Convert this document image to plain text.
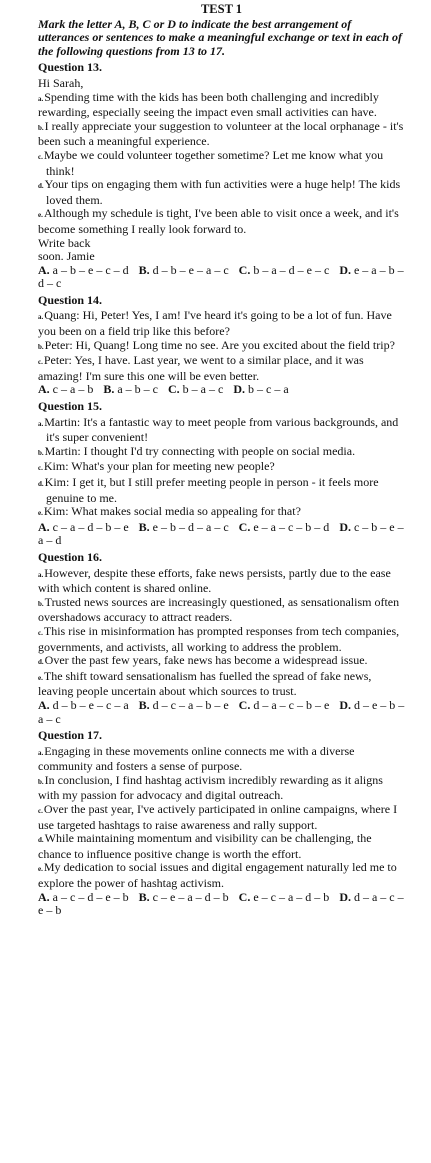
TEST 1
Mark the letter A, B, C or D to indicate the best arrangement of utterances or sentences to make a meaningful exchange or text in each of the following questions from 13 to 17.
Question 13.
Hi Sarah,
a.Spending time with the kids has been both challenging and incredibly rewarding, especially seeing the impact even small activities can have.
b.I really appreciate your suggestion to volunteer at the local orphanage - it's been such a meaningful experience.
c.Maybe we could volunteer together sometime? Let me know what you think!
d.Your tips on engaging them with fun activities were a huge help! The kids loved them.
e.Although my schedule is tight, I've been able to visit once a week, and it's become something I really look forward to.
Write back
soon. Jamie
A. a – b – e – c – d B. d – b – e – a – c C. b – a – d – e – c D. e – a – b – d – c
Question 14.
a.Quang: Hi, Peter! Yes, I am! I've heard it's going to be a lot of fun. Have you been on a field trip like this before?
b.Peter: Hi, Quang! Long time no see. Are you excited about the field trip?
c.Peter: Yes, I have. Last year, we went to a similar place, and it was amazing! I'm sure this one will be even better.
A. c – a – b B. a – b – c C. b – a – c D. b – c – a
Question 15.
a.Martin: It's a fantastic way to meet people from various backgrounds, and it's super convenient!
b.Martin: I thought I'd try connecting with people on social media.
c.Kim: What's your plan for meeting new people?
d.Kim: I get it, but I still prefer meeting people in person - it feels more genuine to me.
e.Kim: What makes social media so appealing for that?
A. c – a – d – b – e B. e – b – d – a – c C. e – a – c – b – d D. c – b – e – a – d
Question 16.
a.However, despite these efforts, fake news persists, partly due to the ease with which content is shared online.
b.Trusted news sources are increasingly questioned, as sensationalism often overshadows accuracy to attract readers.
c.This rise in misinformation has prompted responses from tech companies, governments, and activists, all working to address the problem.
d.Over the past few years, fake news has become a widespread issue.
e.The shift toward sensationalism has fuelled the spread of fake news, leaving people uncertain about which sources to trust.
A. d – b – e – c – a B. d – c – a – b – e C. d – a – c – b – e D. d – e – b – a – c
Question 17.
a.Engaging in these movements online connects me with a diverse community and fosters a sense of purpose.
b.In conclusion, I find hashtag activism incredibly rewarding as it aligns with my passion for advocacy and digital outreach.
c.Over the past year, I've actively participated in online campaigns, where I use targeted hashtags to raise awareness and rally support.
d.While maintaining momentum and visibility can be challenging, the chance to influence positive change is worth the effort.
e.My dedication to social issues and digital engagement naturally led me to explore the power of hashtag activism.
A. a – c – d – e – b B. c – e – a – d – b C. e – c – a – d – b D. d – a – c – e – b
